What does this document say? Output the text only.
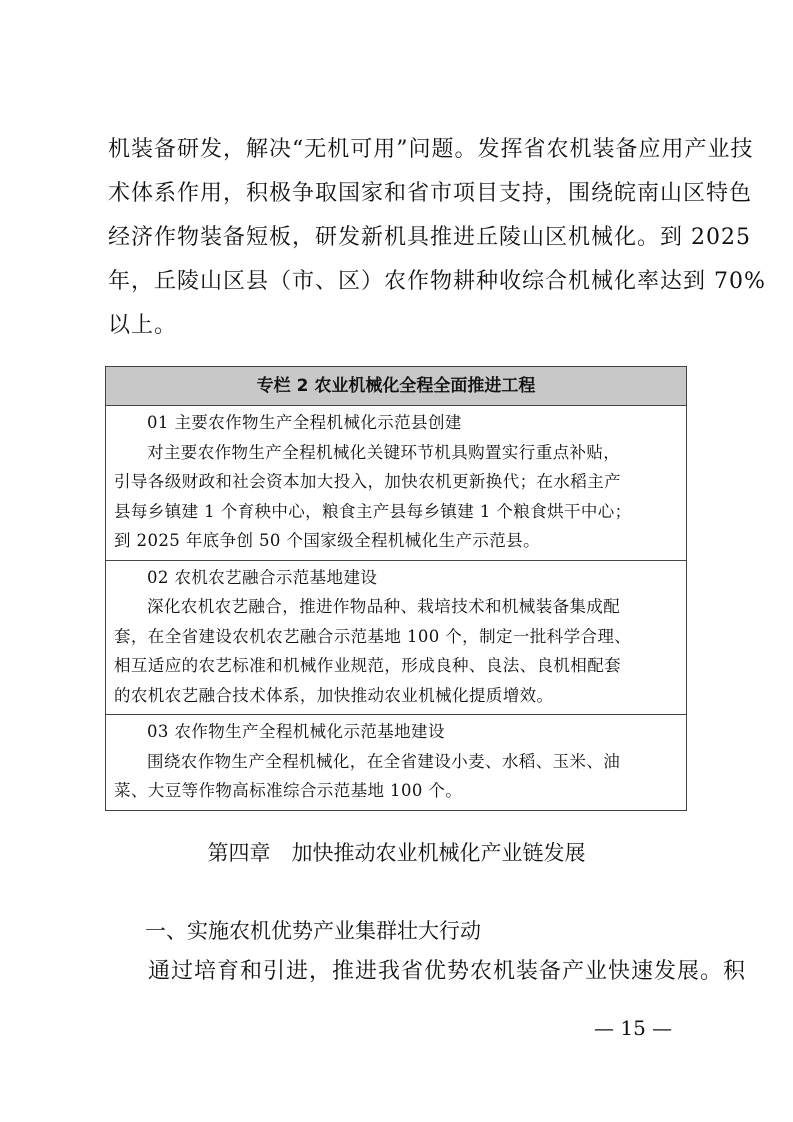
机装备研发，解决“无机可用”问题。发挥省农机装备应用产业技
术体系作用，积极争取国家和省市项目支持，围绕皖南山区特色
经济作物装备短板，研发新机具推进丘陵山区机械化。到 2025
年，丘陵山区县（市、区）农作物耕种收综合机械化率达到 70%
以上。
专栏 2 农业机械化全程全面推进工程
01 主要农作物生产全程机械化示范县创建
对主要农作物生产全程机械化关键环节机具购置实行重点补贴，
引导各级财政和社会资本加大投入，加快农机更新换代；在水稻主产
县每乡镇建 1 个育秧中心，粮食主产县每乡镇建 1 个粮食烘干中心；
到 2025 年底争创 50 个国家级全程机械化生产示范县。
02 农机农艺融合示范基地建设
深化农机农艺融合，推进作物品种、栽培技术和机械装备集成配
套，在全省建设农机农艺融合示范基地 100 个，制定一批科学合理、
相互适应的农艺标准和机械作业规范，形成良种、良法、良机相配套
的农机农艺融合技术体系，加快推动农业机械化提质增效。
03 农作物生产全程机械化示范基地建设
围绕农作物生产全程机械化，在全省建设小麦、水稻、玉米、油
菜、大豆等作物高标准综合示范基地 100 个。
第四章　加快推动农业机械化产业链发展
一、实施农机优势产业集群壮大行动
通过培育和引进，推进我省优势农机装备产业快速发展。积
— 15 —
